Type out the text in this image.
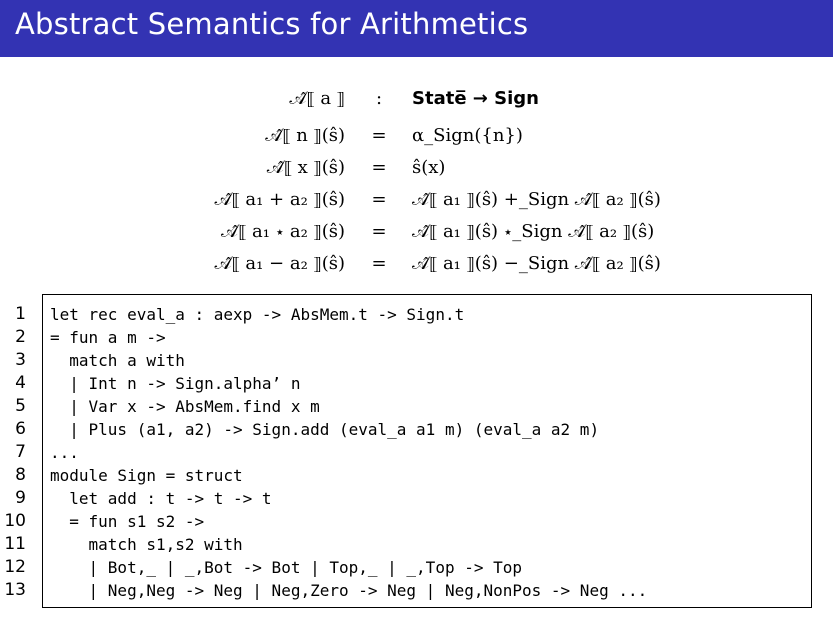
Abstract Semantics for Arithmetics
𝒜̂⟦ a ⟧	:	State̅ → Sign
𝒜̂⟦ n ⟧(ŝ) = α_Sign({n})
𝒜̂⟦ x ⟧(ŝ) = ŝ(x)
𝒜̂⟦ a₁ + a₂ ⟧(ŝ) = 𝒜̂⟦ a₁ ⟧(ŝ) +_Sign 𝒜̂⟦ a₂ ⟧(ŝ)
𝒜̂⟦ a₁ ⋆ a₂ ⟧(ŝ) = 𝒜̂⟦ a₁ ⟧(ŝ) ⋆_Sign 𝒜̂⟦ a₂ ⟧(ŝ)
𝒜̂⟦ a₁ − a₂ ⟧(ŝ) = 𝒜̂⟦ a₁ ⟧(ŝ) −_Sign 𝒜̂⟦ a₂ ⟧(ŝ)
1
2
3
4
5
6
7
8
9
10
11
12
13
let rec eval_a : aexp -> AbsMem.t -> Sign.t
= fun a m ->
match a with
| Int n -> Sign.alpha’ n
| Var x -> AbsMem.find x m
| Plus (a1, a2) -> Sign.add (eval_a a1 m) (eval_a a2 m)
...
module Sign = struct
let add : t -> t -> t
= fun s1 s2 ->
match s1,s2 with
| Bot,_ | _,Bot -> Bot | Top,_ | _,Top -> Top
| Neg,Neg -> Neg | Neg,Zero -> Neg | Neg,NonPos -> Neg ...
